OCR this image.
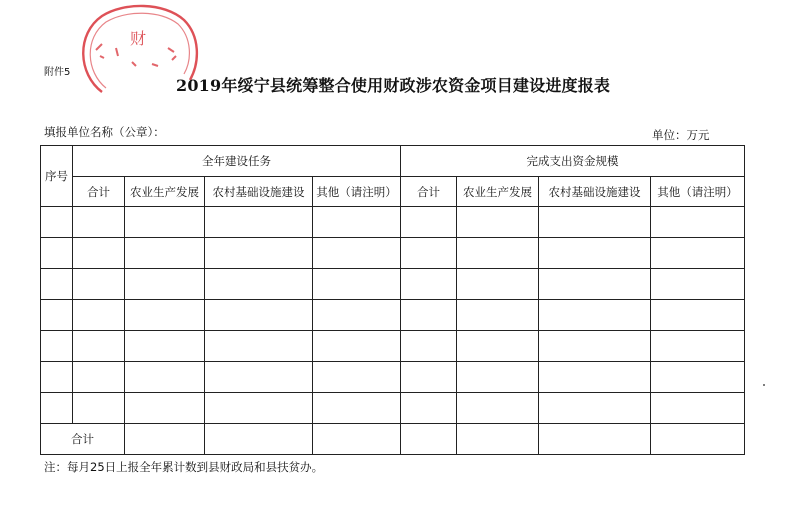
财
附件5
2019年绥宁县统筹整合使用财政涉农资金项目建设进度报表
填报单位名称（公章）：	单位：万元
序号	全年建设任务				完成支出资金规模			
	合计	农业生产发展	农村基础设施建设	其他（请注明）	合计	农业生产发展	农村基础设施建设	其他（请注明）

合计								
注：每月25日上报全年累计数到县财政局和县扶贫办。
